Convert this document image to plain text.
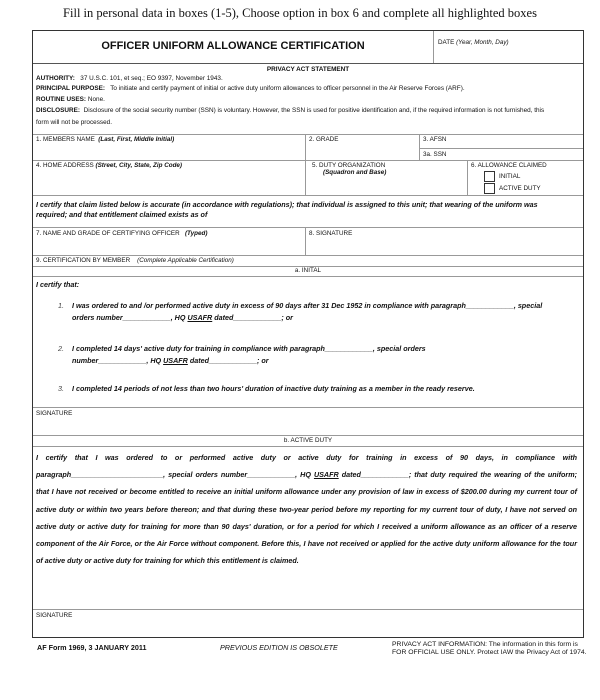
Fill in personal data in boxes (1-5), Choose option in box 6 and complete all highlighted boxes
OFFICER UNIFORM ALLOWANCE CERTIFICATION	DATE (Year, Month, Day)
PRIVACY ACT STATEMENT
AUTHORITY: 37 U.S.C. 101, et seq.; EO 9397, November 1943.
PRINCIPAL PURPOSE: To initiate and certify payment of initial or active duty uniform allowances to officer personnel in the Air Reserve Forces (ARF).
ROUTINE USES: None.
DISCLOSURE: Disclosure of the social security number (SSN) is voluntary. However, the SSN is used for positive identification and, if the required information is not furnished, this form will not be processed.
1. MEMBERS NAME (Last, First, Middle Initial)	2. GRADE	3. AFSN
3a. SSN
4. HOME ADDRESS (Street, City, State, Zip Code)	5. DUTY ORGANIZATION
(Squadron and Base)
6. ALLOWANCE CLAIMED
INITIAL
ACTIVE DUTY
I certify that claim listed below is accurate (in accordance with regulations); that individual is assigned to this unit; that wearing of the uniform was required; and that entitlement claimed exists as of
7. NAME AND GRADE OF CERTIFYING OFFICER (Typed)	8. SIGNATURE
9. CERTIFICATION BY MEMBER (Complete Applicable Certification)
a. INITAL
I certify that:
1. I was ordered to and /or performed active duty in excess of 90 days after 31 Dec 1952 in compliance with paragraph____________, special orders number____________, HQ USAFR dated____________; or
2. I completed 14 days' active duty for training in compliance with paragraph____________, special orders number____________, HQ USAFR dated____________; or
3. I completed 14 periods of not less than two hours' duration of inactive duty training as a member in the ready reserve.
SIGNATURE
b. ACTIVE DUTY
I certify that I was ordered to or performed active duty or active duty for training in excess of 90 days, in compliance with paragraph_______________________, special orders number____________, HQ USAFR dated____________; that duty required the wearing of the uniform; that I have not received or become entitled to receive an initial uniform allowance under any provision of law in excess of $200.00 during my current tour of active duty or within two years before thereon; and that during these two-year period before my reporting for my current tour of duty, I have not served on active duty or active duty for training for more than 90 days' duration, or for a period for which I received a uniform allowance as an officer of a reserve component of the Air Force, or the Air Force without component. Before this, I have not received or applied for the active duty uniform allowance for the tour of active duty or active duty for training for which this entitlement is claimed.
SIGNATURE
AF Form 1969, 3 JANUARY 2011	PREVIOUS EDITION IS OBSOLETE	PRIVACY ACT INFORMATION: The information in this form is FOR OFFICIAL USE ONLY. Protect IAW the Privacy Act of 1974.
